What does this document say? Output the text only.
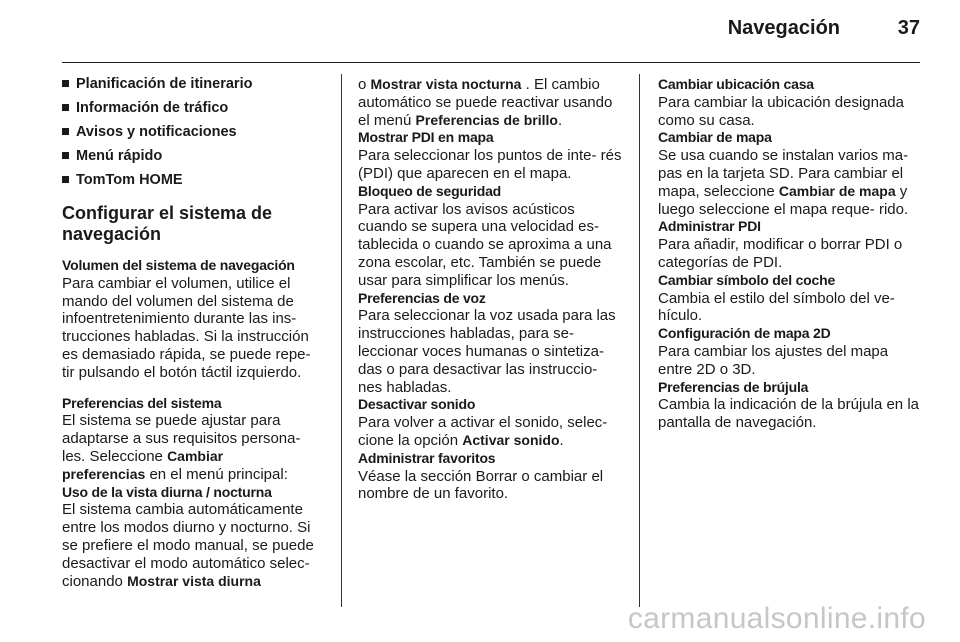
Navegación	37
Planificación de itinerario
Información de tráfico
Avisos y notificaciones
Menú rápido
TomTom HOME
Configurar el sistema de
navegación
Volumen del sistema de navegación

Para cambiar el volumen, utilice el mando del volumen del sistema de infoentretenimiento durante las ins- trucciones habladas. Si la instrucción es demasiado rápida, se puede repe- tir pulsando el botón táctil izquierdo.

Preferencias del sistema

El sistema se puede ajustar para adaptarse a sus requisitos persona- les. Seleccione Cambiar
preferencias en el menú principal:

Uso de la vista diurna / nocturna

El sistema cambia automáticamente entre los modos diurno y nocturno. Si se prefiere el modo manual, se puede desactivar el modo automático selec- cionando Mostrar vista diurna

o Mostrar vista nocturna . El cambio automático se puede reactivar usando el menú Preferencias de brillo.

Mostrar PDI en mapa

Para seleccionar los puntos de inte- rés (PDI) que aparecen en el mapa.

Bloqueo de seguridad

Para activar los avisos acústicos cuando se supera una velocidad es- tablecida o cuando se aproxima a una zona escolar, etc. También se puede usar para simplificar los menús.

Preferencias de voz

Para seleccionar la voz usada para las instrucciones habladas, para se- leccionar voces humanas o sintetiza- das o para desactivar las instruccio- nes habladas.

Desactivar sonido

Para volver a activar el sonido, selec- cione la opción Activar sonido.

Administrar favoritos

Véase la sección Borrar o cambiar el nombre de un favorito.

Cambiar ubicación casa

Para cambiar la ubicación designada como su casa.

Cambiar de mapa

Se usa cuando se instalan varios ma- pas en la tarjeta SD. Para cambiar el mapa, seleccione Cambiar de mapa y luego seleccione el mapa reque- rido.

Administrar PDI

Para añadir, modificar o borrar PDI o categorías de PDI.

Cambiar símbolo del coche

Cambia el estilo del símbolo del ve- hículo.

Configuración de mapa 2D

Para cambiar los ajustes del mapa entre 2D o 3D.

Preferencias de brújula

Cambia la indicación de la brújula en la pantalla de navegación.

carmanualsonline.info
